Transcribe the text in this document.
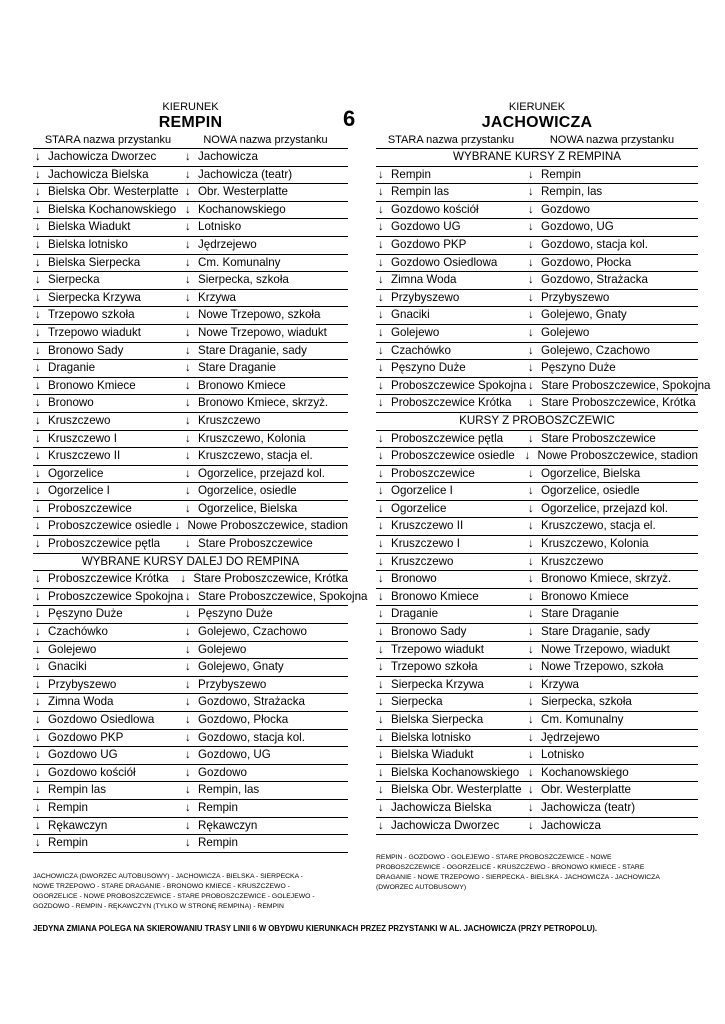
6
KIERUNEK
REMPIN
STARA nazwa przystanku	NOWA nazwa przystanku
↓ Jachowicza Dworzec	↓ Jachowicza
↓ Jachowicza Bielska	↓ Jachowicza (teatr)
↓ Bielska Obr. Westerplatte ↓ Obr. Westerplatte
↓ Bielska Kochanowskiego ↓ Kochanowskiego
↓ Bielska Wiadukt	↓ Lotnisko
↓ Bielska lotnisko	↓ Jędrzejewo
↓ Bielska Sierpecka	↓ Cm. Komunalny
↓ Sierpecka	↓ Sierpecka, szkoła
↓ Sierpecka Krzywa	↓ Krzywa
↓ Trzepowo szkoła	↓ Nowe Trzepowo, szkoła
↓ Trzepowo wiadukt	↓ Nowe Trzepowo, wiadukt
↓ Bronowo Sady	↓ Stare Draganie, sady
↓ Draganie	↓ Stare Draganie
↓ Bronowo Kmiece	↓ Bronowo Kmiece
↓ Bronowo	↓ Bronowo Kmiece, skrzyż.
↓ Kruszczewo	↓ Kruszczewo
↓ Kruszczewo I	↓ Kruszczewo, Kolonia
↓ Kruszczewo II	↓ Kruszczewo, stacja el.
↓ Ogorzelice	↓ Ogorzelice, przejazd kol.
↓ Ogorzelice I	↓ Ogorzelice, osiedle
↓ Proboszczewice	↓ Ogorzelice, Bielska
↓ Proboszczewice osiedle ↓ Nowe Proboszczewice, stadion
↓ Proboszczewice pętla	↓ Stare Proboszczewice
WYBRANE KURSY DALEJ DO REMPINA
↓ Proboszczewice Krótka	↓ Stare Proboszczewice, Krótka
↓ Proboszczewice Spokojna ↓ Stare Proboszczewice, Spokojna
↓ Pęszyno Duże	↓ Pęszyno Duże
↓ Czachówko	↓ Golejewo, Czachowo
↓ Golejewo	↓ Golejewo
↓ Gnaciki	↓ Golejewo, Gnaty
↓ Przybyszewo	↓ Przybyszewo
↓ Zimna Woda	↓ Gozdowo, Strażacka
↓ Gozdowo Osiedlowa	↓ Gozdowo, Płocka
↓ Gozdowo PKP	↓ Gozdowo, stacja kol.
↓ Gozdowo UG	↓ Gozdowo, UG
↓ Gozdowo kościół	↓ Gozdowo
↓ Rempin las	↓ Rempin, las
↓ Rempin	↓ Rempin
↓ Rękawczyn	↓ Rękawczyn
↓ Rempin	↓ Rempin
KIERUNEK
JACHOWICZA
STARA nazwa przystanku	NOWA nazwa przystanku
WYBRANE KURSY Z REMPINA
↓ Rempin	↓ Rempin
↓ Rempin las	↓ Rempin, las
↓ Gozdowo kościół	↓ Gozdowo
↓ Gozdowo UG	↓ Gozdowo, UG
↓ Gozdowo PKP	↓ Gozdowo, stacja kol.
↓ Gozdowo Osiedlowa	↓ Gozdowo, Płocka
↓ Zimna Woda	↓ Gozdowo, Strażacka
↓ Przybyszewo	↓ Przybyszewo
↓ Gnaciki	↓ Golejewo, Gnaty
↓ Golejewo	↓ Golejewo
↓ Czachówko	↓ Golejewo, Czachowo
↓ Pęszyno Duże	↓ Pęszyno Duże
↓ Proboszczewice Spokojna ↓ Stare Proboszczewice, Spokojna
↓ Proboszczewice Krótka	↓ Stare Proboszczewice, Krótka
KURSY Z PROBOSZCZEWIC
↓ Proboszczewice pętla	↓ Stare Proboszczewice
↓ Proboszczewice osiedle ↓ Nowe Proboszczewice, stadion
↓ Proboszczewice	↓ Ogorzelice, Bielska
↓ Ogorzelice I	↓ Ogorzelice, osiedle
↓ Ogorzelice	↓ Ogorzelice, przejazd kol.
↓ Kruszczewo II	↓ Kruszczewo, stacja el.
↓ Kruszczewo I	↓ Kruszczewo, Kolonia
↓ Kruszczewo	↓ Kruszczewo
↓ Bronowo	↓ Bronowo Kmiece, skrzyż.
↓ Bronowo Kmiece	↓ Bronowo Kmiece
↓ Draganie	↓ Stare Draganie
↓ Bronowo Sady	↓ Stare Draganie, sady
↓ Trzepowo wiadukt	↓ Nowe Trzepowo, wiadukt
↓ Trzepowo szkoła	↓ Nowe Trzepowo, szkoła
↓ Sierpecka Krzywa	↓ Krzywa
↓ Sierpecka	↓ Sierpecka, szkoła
↓ Bielska Sierpecka	↓ Cm. Komunalny
↓ Bielska lotnisko	↓ Jędrzejewo
↓ Bielska Wiadukt	↓ Lotnisko
↓ Bielska Kochanowskiego ↓ Kochanowskiego
↓ Bielska Obr. Westerplatte ↓ Obr. Westerplatte
↓ Jachowicza Bielska	↓ Jachowicza (teatr)
↓ Jachowicza Dworzec	↓ Jachowicza
JACHOWICZA (DWORZEC AUTOBUSOWY) - JACHOWICZA - BIELSKA - SIERPECKA - NOWE TRZEPOWO - STARE DRAGANIE - BRONOWO KMIECE - KRUSZCZEWO - OGORZELICE - NOWE PROBOSZCZEWICE - STARE PROBOSZCZEWICE - GOLEJEWO - GOZDOWO - REMPIN - RĘKAWCZYN (TYLKO W STRONĘ REMPINA) - REMPIN
REMPIN - GOZDOWO - GOLEJEWO - STARE PROBOSZCZEWICE - NOWE PROBOSZCZEWICE - OGORZELICE - KRUSZCZEWO - BRONOWO KMIECE - STARE DRAGANIE - NOWE TRZEPOWO - SIERPECKA - BIELSKA - JACHOWICZA - JACHOWICZA (DWORZEC AUTOBUSOWY)
JEDYNA ZMIANA POLEGA NA SKIEROWANIU TRASY LINII 6 W OBYDWU KIERUNKACH PRZEZ PRZYSTANKI W AL. JACHOWICZA (PRZY PETROPOLU).
